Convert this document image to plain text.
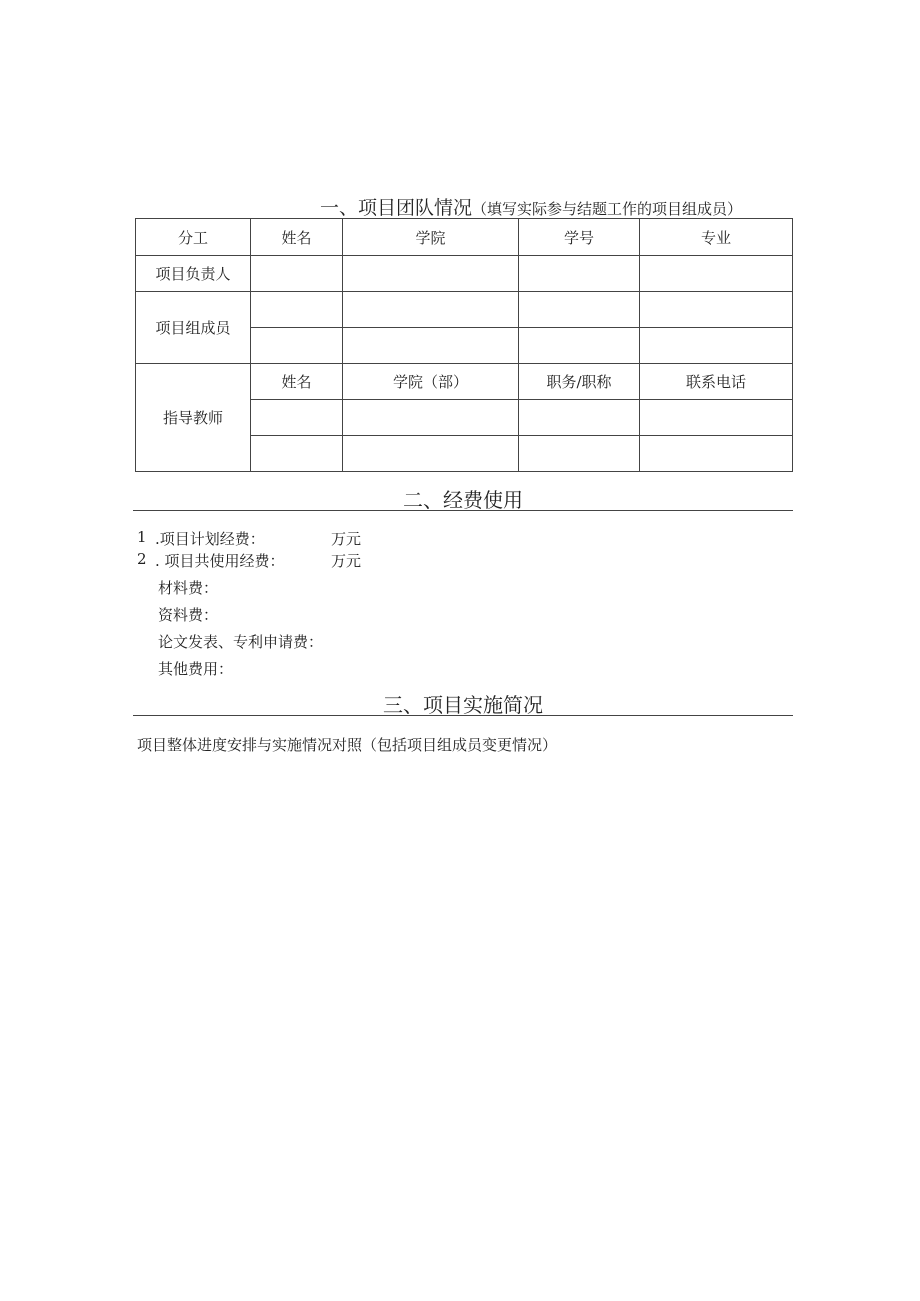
一、项目团队情况（填写实际参与结题工作的项目组成员）
分工	姓名	学院	学号	专业
项目负责人				
项目组成员				

指导教师	姓名	学院（部）	职务/职称	联系电话

二、经费使用
1 .项目计划经费：	万元
2 . 项目共使用经费：	万元
材料费：
资料费：
论文发表、专利申请费：
其他费用：
三、项目实施简况
项目整体进度安排与实施情况对照（包括项目组成员变更情况）
